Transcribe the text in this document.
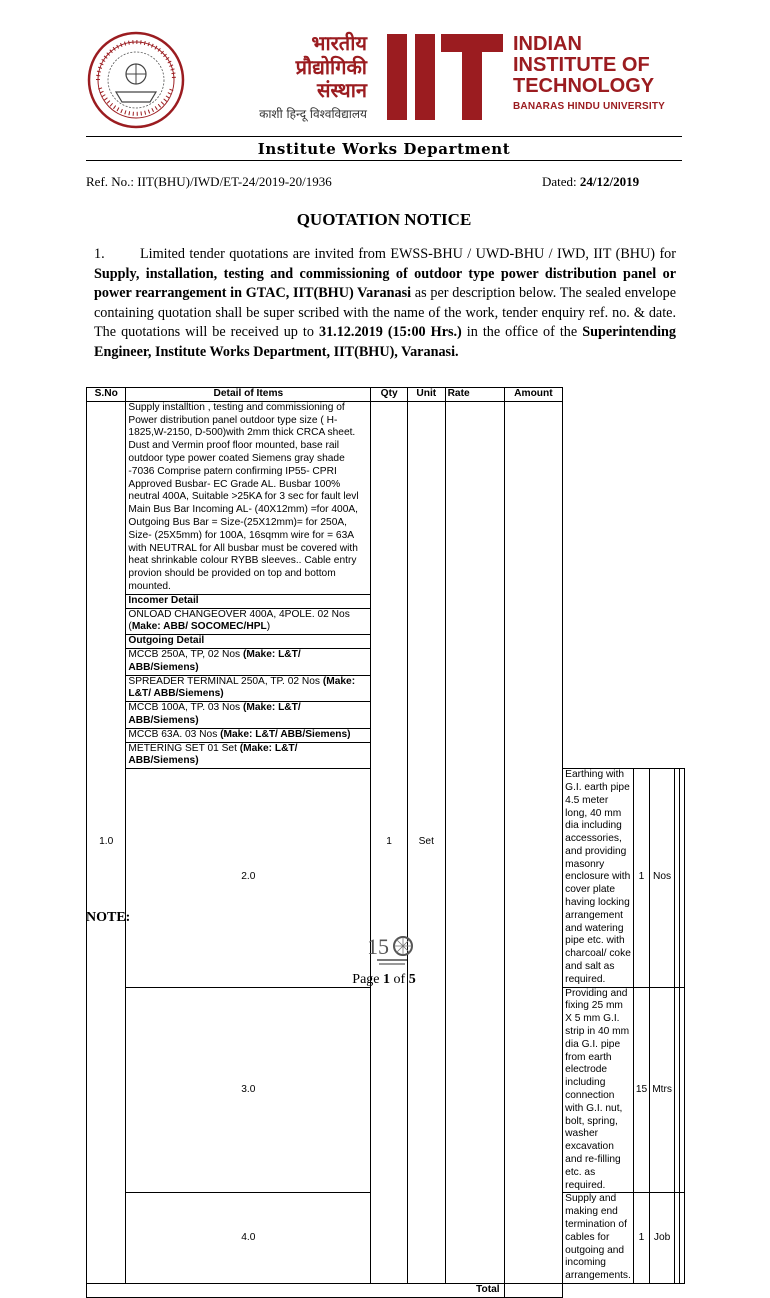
भारतीय
प्रौद्योगिकी
संस्थान
काशी हिन्दू विश्वविद्यालय
INDIAN
INSTITUTE OF
TECHNOLOGY
BANARAS HINDU UNIVERSITY
Institute Works Department
Ref. No.: IIT(BHU)/IWD/ET-24/2019-20/1936	Dated: 24/12/2019
QUOTATION NOTICE
1. Limited tender quotations are invited from EWSS-BHU / UWD-BHU / IWD, IIT (BHU) for Supply, installation, testing and commissioning of outdoor type power distribution panel or power rearrangement in GTAC, IIT(BHU) Varanasi as per description below. The sealed envelope containing quotation shall be super scribed with the name of the work, tender enquiry ref. no. & date. The quotations will be received up to 31.12.2019 (15:00 Hrs.) in the office of the Superintending Engineer, Institute Works Department, IIT(BHU), Varanasi.
S.No	Detail of Items	Qty	Unit	Rate	Amount					
1.0	Supply installtion , testing and commissioning of Power distribution panel outdoor type size ( H-1825,W-2150, D-500)with 2mm thick CRCA sheet. Dust and Vermin proof floor mounted, base rail outdoor type power coated Siemens gray shade -7036 Comprise patern confirming IP55- CPRI Approved Busbar- EC Grade AL. Busbar 100% neutral 400A, Suitable >25KA for 3 sec for fault levl Main Bus Bar Incoming AL- (40X12mm) =for 400A, Outgoing Bus Bar = Size-(25X12mm)= for 250A, Size- (25X5mm) for 100A, 16sqmm wire for = 63A with NEUTRAL for All busbar must be covered with heat shrinkable colour RYBB sleeves.. Cable entry provion should be provided on top and bottom mounted.	1	Set							
	Incomer Detail									
	ONLOAD CHANGEOVER 400A, 4POLE. 02 Nos (Make: ABB/ SOCOMEC/HPL)									
	Outgoing Detail									
	MCCB 250A, TP, 02 Nos (Make: L&T/ ABB/Siemens)									
	SPREADER TERMINAL 250A, TP. 02 Nos (Make: L&T/ ABB/Siemens)									
	MCCB 100A, TP. 03 Nos (Make: L&T/ ABB/Siemens)									
	MCCB 63A. 03 Nos (Make: L&T/ ABB/Siemens)									
	METERING SET 01 Set (Make: L&T/ ABB/Siemens)									
	2.0					Earthing with G.I. earth pipe 4.5 meter long, 40 mm dia including accessories, and providing masonry enclosure with cover plate having locking arrangement and watering pipe etc. with charcoal/ coke and salt as required.	1	Nos		
	3.0					Providing and fixing 25 mm X 5 mm G.I. strip in 40 mm dia G.I. pipe from earth electrode including connection with G.I. nut, bolt, spring, washer excavation and re-filling etc. as required.	15	Mtrs		
	4.0					Supply and making end termination of cables for outgoing and incoming arrangements.	1	Job		
Total										
NOTE:
1 5
Page 1 of 5
